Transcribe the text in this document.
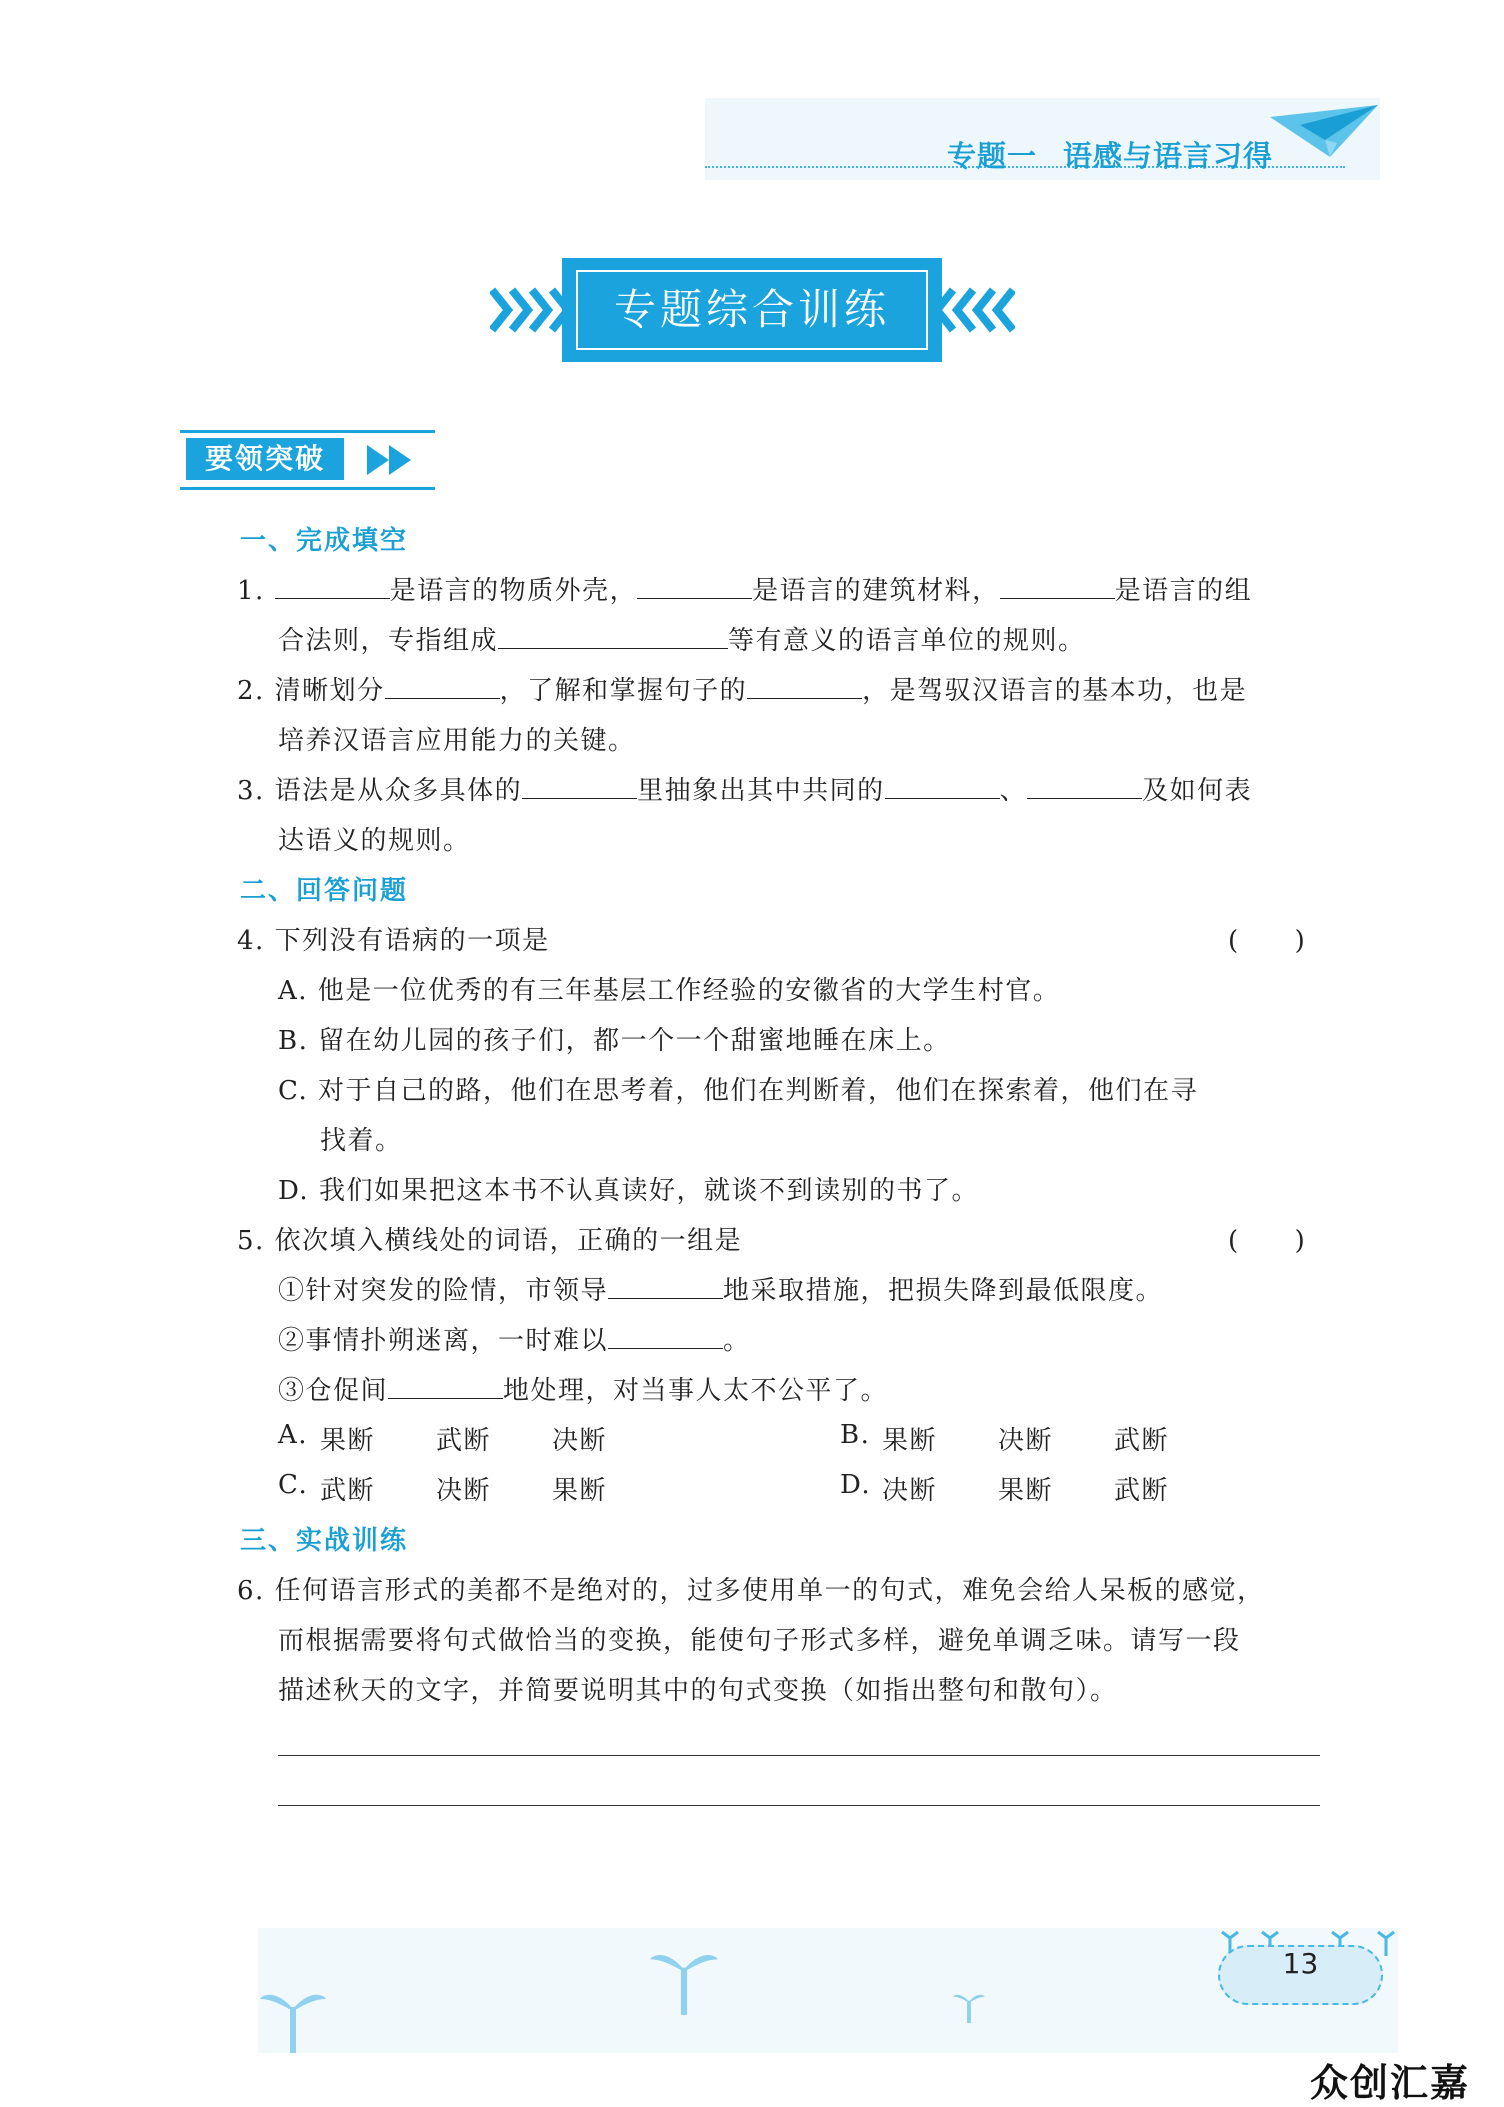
专题一 语感与语言习得
专题综合训练
要领突破
一、完成填空
1.	是语言的物质外壳，	是语言的建筑材料，	是语言的组
合法则，专指组成	等有意义的语言单位的规则。
2. 清晰划分	，了解和掌握句子的	，是驾驭汉语言的基本功，也是
培养汉语言应用能力的关键。
3. 语法是从众多具体的	里抽象出其中共同的	、	及如何表
达语义的规则。
二、回答问题
4. 下列没有语病的一项是	(　　)
A. 他是一位优秀的有三年基层工作经验的安徽省的大学生村官。
B. 留在幼儿园的孩子们，都一个一个甜蜜地睡在床上。
C. 对于自己的路，他们在思考着，他们在判断着，他们在探索着，他们在寻
找着。
D. 我们如果把这本书不认真读好，就谈不到读别的书了。
5. 依次填入横线处的词语，正确的一组是	(　　)
①针对突发的险情，市领导	地采取措施，把损失降到最低限度。
②事情扑朔迷离，一时难以	。
③仓促间	地处理，对当事人太不公平了。
A. 果断 武断 决断	B. 果断 决断 武断
C. 武断 决断 果断	D. 决断 果断 武断
三、实战训练
6. 任何语言形式的美都不是绝对的，过多使用单一的句式，难免会给人呆板的感觉，
而根据需要将句式做恰当的变换，能使句子形式多样，避免单调乏味。请写一段
描述秋天的文字，并简要说明其中的句式变换（如指出整句和散句）。
13
众创汇嘉
